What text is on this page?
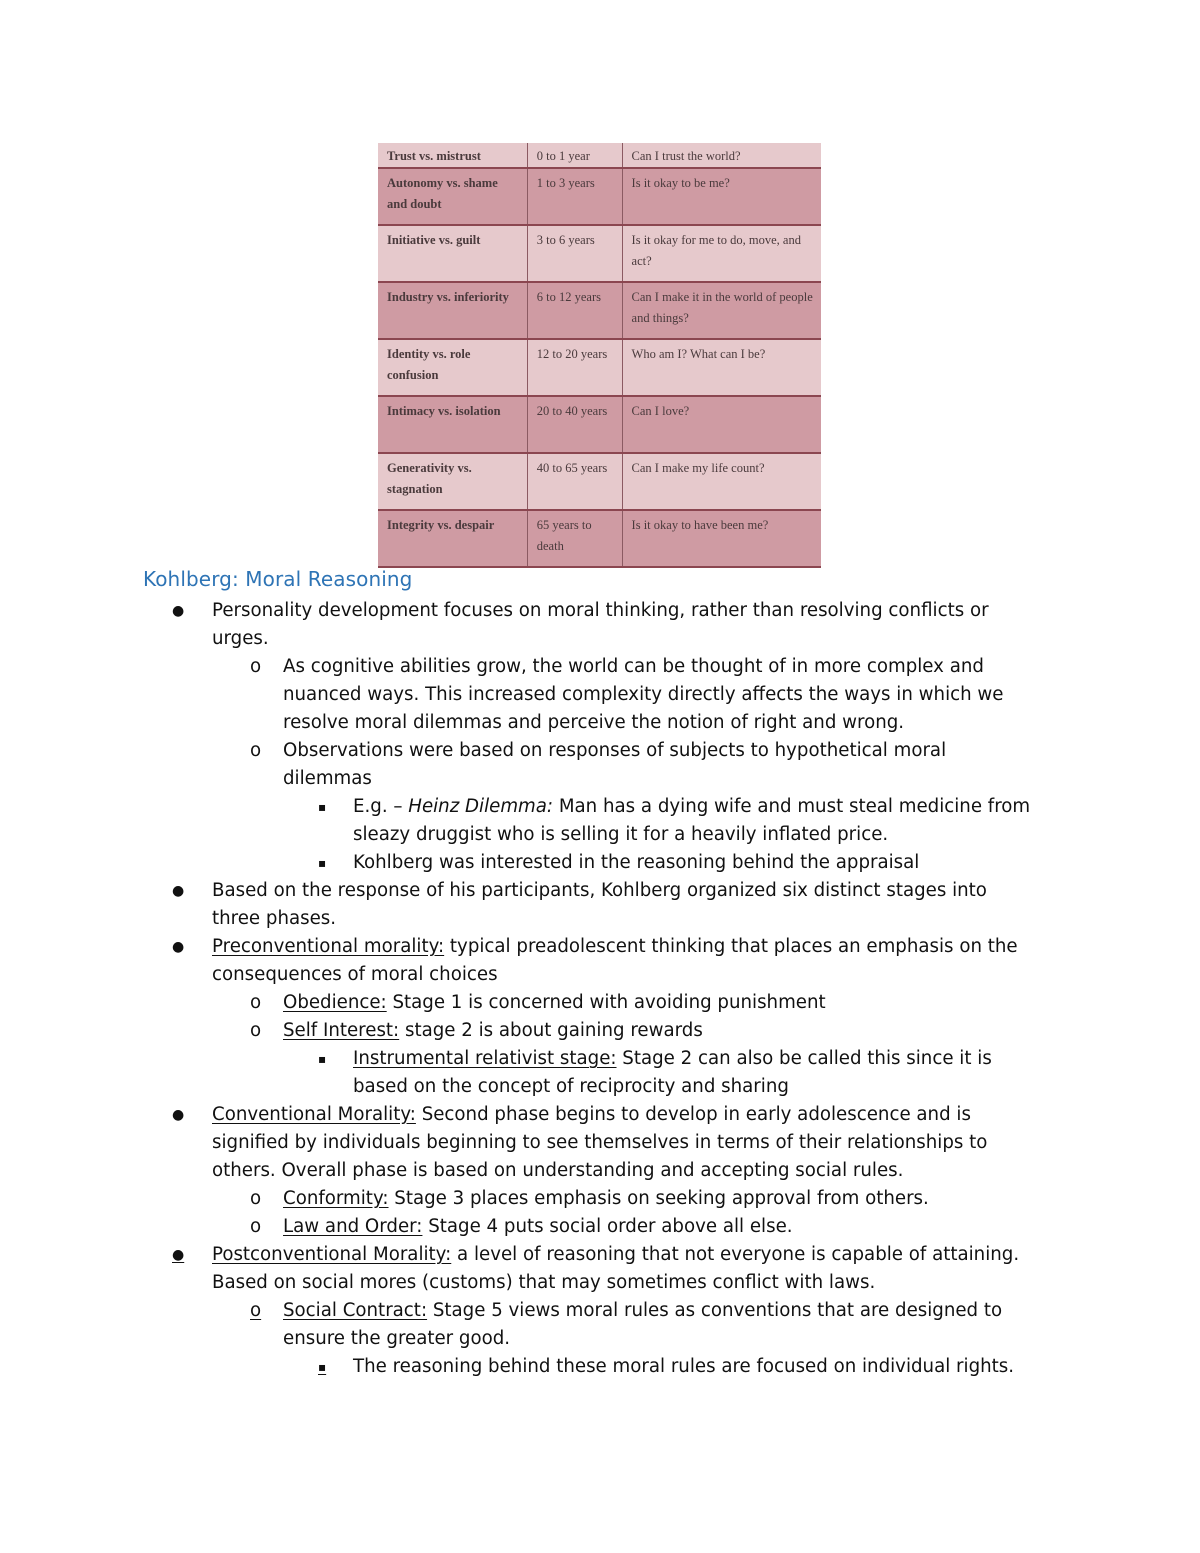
Trust vs. mistrust	0 to 1 year	Can I trust the world?
Autonomy vs. shame and doubt	1 to 3 years	Is it okay to be me?
Initiative vs. guilt	3 to 6 years	Is it okay for me to do, move, and act?
Industry vs. inferiority	6 to 12 years	Can I make it in the world of people and things?
Identity vs. role confusion	12 to 20 years	Who am I? What can I be?
Intimacy vs. isolation	20 to 40 years	Can I love?
Generativity vs. stagnation	40 to 65 years	Can I make my life count?
Integrity vs. despair	65 years to death	Is it okay to have been me?
Kohlberg: Moral Reasoning
● Personality development focuses on moral thinking, rather than resolving conflicts or
urges.
o As cognitive abilities grow, the world can be thought of in more complex and
nuanced ways. This increased complexity directly affects the ways in which we
resolve moral dilemmas and perceive the notion of right and wrong.
o Observations were based on responses of subjects to hypothetical moral
dilemmas
▪ E.g. – Heinz Dilemma: Man has a dying wife and must steal medicine from
sleazy druggist who is selling it for a heavily inflated price.
▪ Kohlberg was interested in the reasoning behind the appraisal
● Based on the response of his participants, Kohlberg organized six distinct stages into
three phases.
● Preconventional morality: typical preadolescent thinking that places an emphasis on the
consequences of moral choices
o Obedience: Stage 1 is concerned with avoiding punishment
o Self Interest: stage 2 is about gaining rewards
▪ Instrumental relativist stage: Stage 2 can also be called this since it is
based on the concept of reciprocity and sharing
● Conventional Morality: Second phase begins to develop in early adolescence and is
signified by individuals beginning to see themselves in terms of their relationships to
others. Overall phase is based on understanding and accepting social rules.
o Conformity: Stage 3 places emphasis on seeking approval from others.
o Law and Order: Stage 4 puts social order above all else.
● Postconventional Morality: a level of reasoning that not everyone is capable of attaining.
Based on social mores (customs) that may sometimes conflict with laws.
o Social Contract: Stage 5 views moral rules as conventions that are designed to
ensure the greater good.
▪ The reasoning behind these moral rules are focused on individual rights.
